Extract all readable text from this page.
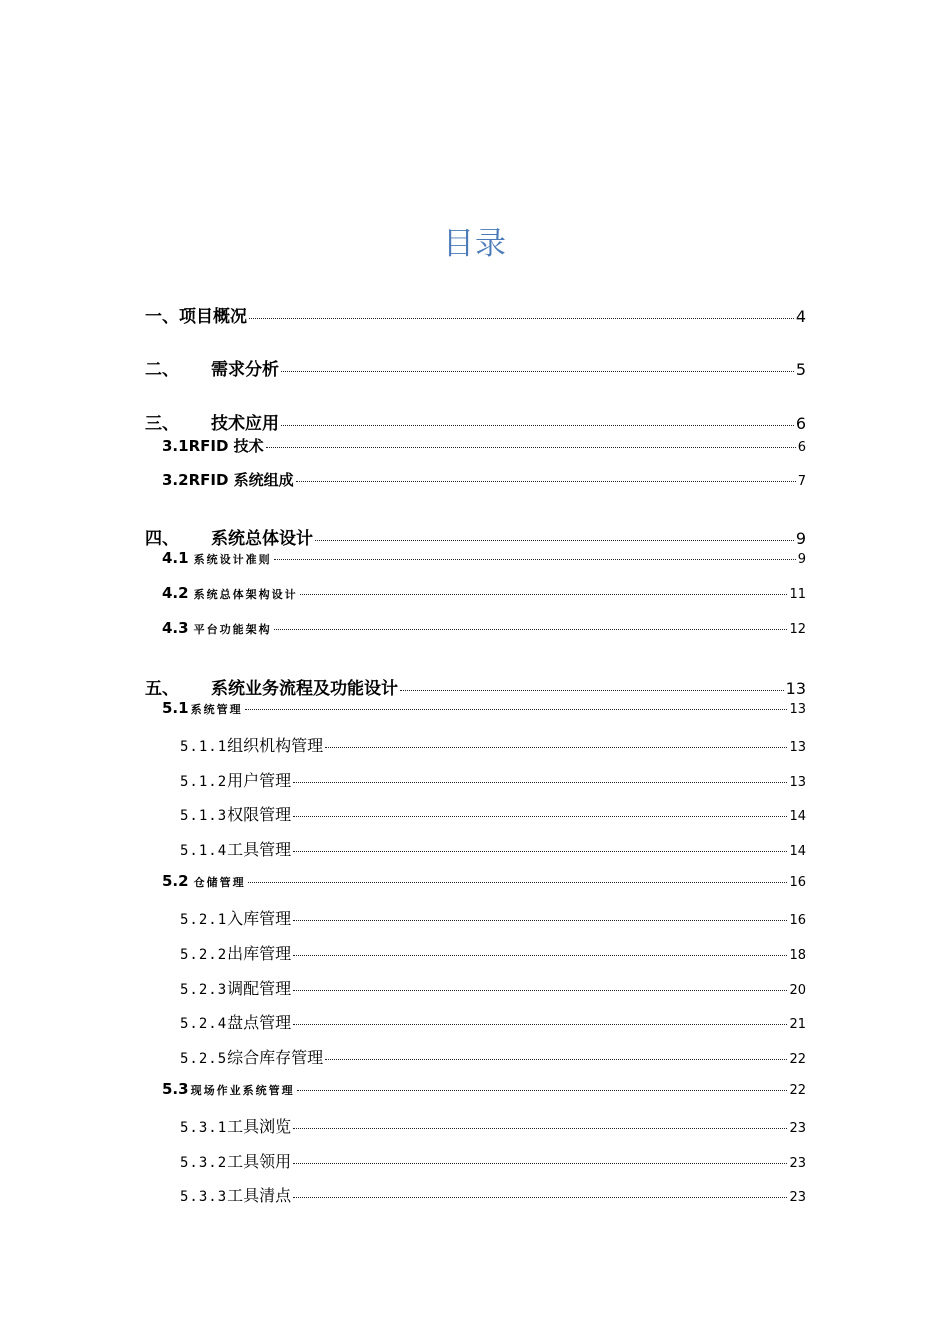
目录
一、 项目概况	4
二、	需求分析	5
三、	技术应用	6
3.1 RFID 技术	6
3.2 RFID 系统组成	7
四、	系统总体设计	9
4.1 系统设计准则	9
4.2 系统总体架构设计	11
4.3 平台功能架构	12
五、	系统业务流程及功能设计	13
5.1 系统管理	13
5.1.1 组织机构管理	13
5.1.2 用户管理	13
5.1.3 权限管理	14
5.1.4 工具管理	14
5.2 仓储管理	16
5.2.1 入库管理	16
5.2.2 出库管理	18
5.2.3 调配管理	20
5.2.4 盘点管理	21
5.2.5 综合库存管理	22
5.3 现场作业系统管理	22
5.3.1 工具浏览	23
5.3.2 工具领用	23
5.3.3 工具清点	23
